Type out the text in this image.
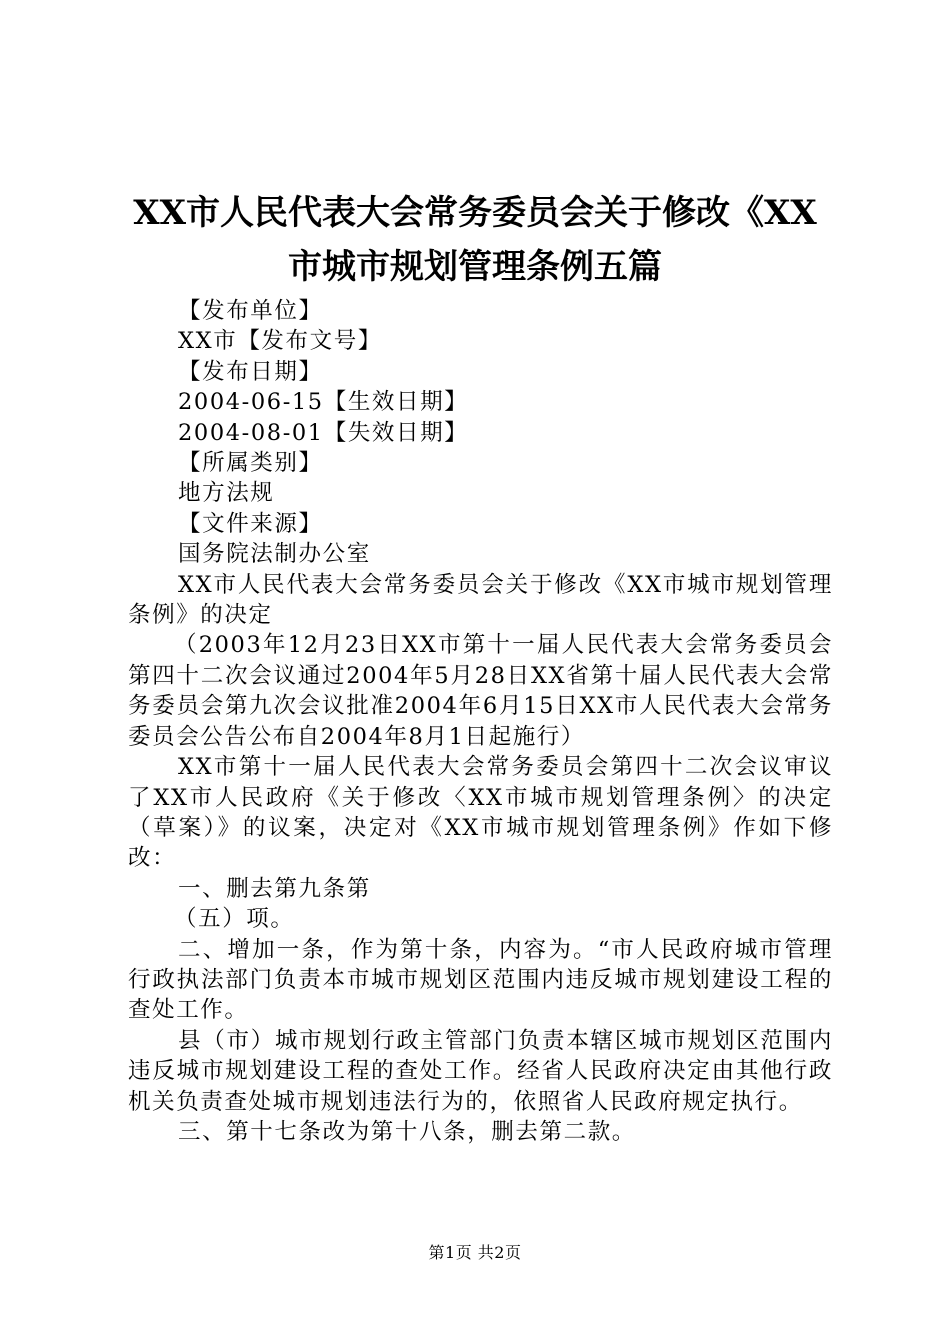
XX市人民代表大会常务委员会关于修改《XX
市城市规划管理条例五篇

【发布单位】

XX市【发布文号】

【发布日期】

2004-06-15【生效日期】

2004-08-01【失效日期】

【所属类别】

地方法规

【文件来源】

国务院法制办公室

XX市人民代表大会常务委员会关于修改《XX市城市规划管理条例》的决定

（2003年12月23日XX市第十一届人民代表大会常务委员会第四十二次会议通过2004年5月28日XX省第十届人民代表大会常务委员会第九次会议批准2004年6月15日XX市人民代表大会常务委员会公告公布自2004年8月1日起施行）

XX市第十一届人民代表大会常务委员会第四十二次会议审议了XX市人民政府《关于修改〈XX市城市规划管理条例〉的决定（草案）》的议案，决定对《XX市城市规划管理条例》作如下修改：

一、删去第九条第

（五）项。

二、增加一条，作为第十条，内容为。“市人民政府城市管理行政执法部门负责本市城市规划区范围内违反城市规划建设工程的查处工作。

县（市）城市规划行政主管部门负责本辖区城市规划区范围内违反城市规划建设工程的查处工作。经省人民政府决定由其他行政机关负责查处城市规划违法行为的，依照省人民政府规定执行。

三、第十七条改为第十八条，删去第二款。

第1页 共2页
